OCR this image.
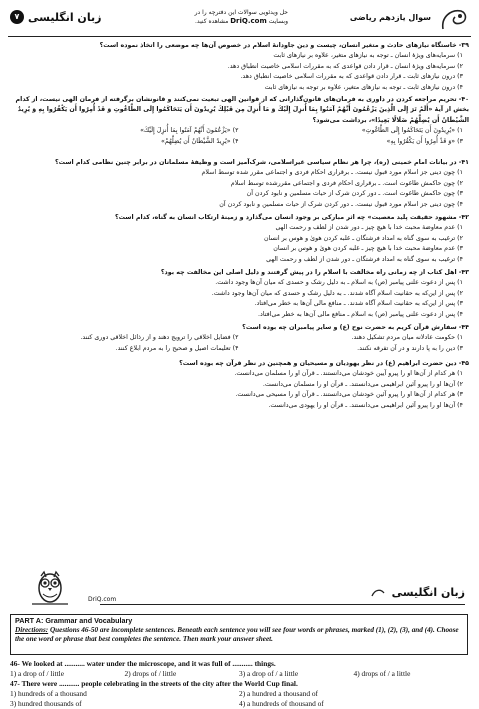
۷ زبان انگلیسی	حل ویدئویی سوالات این دفترچه را در
وبسایت DriQ.com مشاهده کنید.	سوال یازدهم ریاضی
۳۹- خاستگاه نیازهای حادث و متغیر انسان، چیست و دین جاودانهٔ اسلام در خصوص آن‌ها چه موضعی را اتخاذ نموده است؟
۱) سرمایه‌های ویژهٔ انسان ـ توجه به نیازهای متغیر، علاوه بر نیازهای ثابت
۲) سرمایه‌های ویژهٔ انسان ـ قرار دادن قواعدی که به مقررات اسلامی خاصیت انطباق دهد.
۳) درون نیازهای ثابت ـ قرار دادن قواعدی که به مقررات اسلامی خاصیت انطباق دهد.
۴) درون نیازهای ثابت ـ توجه به نیازهای متغیر، علاوه بر توجه به نیازهای ثابت
۴۰- تحریم مراجعه کردن در داوری به فرمان‌های قانون‌گذارانی که از قوانین الهی تبعیت نمی‌کنند و قانونشان برگرفته از فرمان الهی نیست، از کدام بخش از آیهٔ «أَلَمْ تَرَ إِلَى الَّذِينَ يَزْعُمُونَ أَنَّهُمْ آمَنُوا بِمَا أُنزِلَ إِلَيْكَ وَ مَا أُنزِلَ مِن قَبْلِكَ يُرِيدُونَ أَن يَتَحَاكَمُوا إِلَى الطَّاغُوتِ وَ قَدْ أُمِرُوا أَن يَكْفُرُوا بِهِ وَ يُرِيدُ الشَّيْطَانُ أَن يُضِلَّهُمْ ضَلَالًا بَعِيدًا»، برداشت می‌شود؟
۱) «يُرِيدُونَ أَن يَتَحَاكَمُوا إِلَى الطَّاغُوتِ»
۲) «يَزْعُمُونَ أَنَّهُمْ آمَنُوا بِمَا أُنزِلَ إِلَيْكَ»
۳) «وَ قَدْ أُمِرُوا أَن يَكْفُرُوا بِهِ»
۴) «يُرِيدُ الشَّيْطَانُ أَن يُضِلَّهُمْ»
۴۱- در بیانات امام خمینی (ره)، چرا هر نظام سیاسی غیراسلامی، شرک‌آمیز است و وظیفهٔ مسلمانان در برابر چنین نظامی کدام است؟
۱) چون دینی جز اسلام مورد قبول نیست. ـ برقراری احکام فردی و اجتماعی مقرر شده توسط اسلام
۲) چون حاکمش طاغوت است. ـ برقراری احکام فردی و اجتماعی مقررشده توسط اسلام
۳) چون حاکمش طاغوت است. ـ دور کردن شرک از حیات مسلمین و نابود کردن آن
۴) چون دینی جز اسلام مورد قبول نیست. ـ دور کردن شرک از حیات مسلمین و نابود کردن آن
۴۲- مشهود حقیقت پلید معصیت» چه اثر مبارکی بر وجود انسان می‌گذارد و زمینهٔ ارتکاب انسان به گناه، کدام است؟
۱) عدم معاوضهٔ محبت خدا با هیچ چیز ـ دور شدن از لطف و رحمت الهی
۲) ترغیب به سوی گناه به امداد فرشتگان ـ غلبه کردن هویٰ و هوس بر انسان
۳) عدم معاوضهٔ محبت خدا با هیچ چیز ـ غلبه کردن هویٰ و هوس بر انسان
۴) ترغیب به سوی گناه به امداد فرشتگان ـ دور شدن از لطف و رحمت الهی
۴۳- اهل کتاب از چه زمانی راه مخالفت با اسلام را در پیش گرفتند و دلیل اصلی این مخالفت چه بود؟
۱) پس از دعوت علنی پیامبر (ص) به اسلام ـ به دلیل رشک و حسدی که میان آن‌ها وجود داشت.
۲) پس از این‌که به حقانیت اسلام آگاه شدند. ـ به دلیل رشک و حسدی که میان آن‌ها وجود داشت.
۳) پس از این‌که به حقانیت اسلام آگاه شدند. ـ منافع مالی آن‌ها به خطر می‌افتاد.
۴) پس از دعوت علنی پیامبر (ص) به اسلام ـ منافع مالی آن‌ها به خطر می‌افتاد.
۴۴- سفارش قرآن کریم به حضرت نوح (ع) و سایر پیامبران چه بوده است؟
۱) حکومت عادلانه میان مردم تشکیل دهند.
۲) فضایل اخلاقی را ترویج دهند و از رذائل اخلاقی دوری کنند.
۳) دین را به پا دارند و در آن تفرقه نکنند.
۴) تعلیمات اصیل و صحیح را به مردم ابلاغ کنند.
۴۵- دین حضرت ابراهیم (ع) در نظر یهودیان و مسیحیان و همچنین در نظر قرآن چه بوده است؟
۱) هر کدام از آن‌ها او را پیرو آیین خودشان می‌دانستند. ـ قرآن او را مسلمان می‌دانست.
۲) آن‌ها او را پیرو آئین ابراهیمی می‌دانستند. ـ قرآن او را مسلمان می‌دانست.
۳) هر کدام از آن‌ها او را پیرو آئین خودشان می‌دانستند. ـ قرآن او را مسیحی می‌دانست.
۴) آن‌ها او را پیرو آئین ابراهیمی می‌دانستند. ـ قرآن او را یهودی می‌دانست.
DriQ.com
زبان انگلیسی
PART A: Grammar and Vocabulary
Directions: Questions 46-50 are incomplete sentences. Beneath each sentence you will see four words or phrases, marked (1), (2), (3), and (4). Choose the one word or phrase that best completes the sentence. Then mark your answer sheet.
46- We looked at ........... water under the microscope, and it was full of ........... things.
1) a drop of / little	2) drops of / little	3) a drop of / a little	4) drops of / a little
47- There were ........... people celebrating in the streets of the city after the World Cup final.
1) hundreds of a thousand	2) a hundred a thousand of
3) hundred thousands of	4) a hundreds of thousand of
